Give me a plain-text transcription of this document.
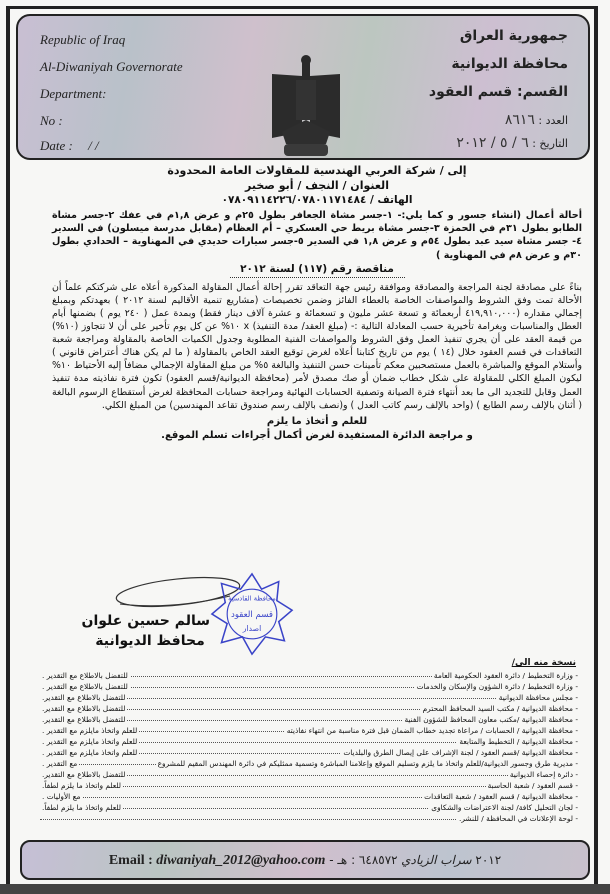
Republic of Iraq
Al-Diwaniyah Governorate
Department:
No :
Date : / /
جمهورية العراق
محافظة الديوانية
القسم: قسم العقود
العدد : ٨٦١٦
التاريخ : ٦ / ٥ / ٢٠١٢
إلى / شركة العربي الهندسية للمقاولات العامة المحدودة
العنوان / النجف / أبو صخير
الهاتف / ٠٧٨٠٩١١٤٢٢٦/٠٧٨٠١١٧١٤٨٤
أحالة أعمال (انشاء جسور و كما يلي:- ١-جسر مشاة الجعافر بطول ٢٥م و عرض ١,٨م في عفك ٢-جسر مشاة الطابو بطول ٣١م في الحمزة ٣-جسر مشاة بريط حي العسكري – أم العظام (مقابل مدرسة ميسلون) في السدير ٤- جسر مشاة سيد عبد بطول ٥٤م و عرض ١,٨ في السدير ٥-جسر سيارات حديدي في المهناوية – الحدادي بطول ٣٠م و عرض ٨م في المهناوية )
مناقصة رقم (١١٧) لسنة ٢٠١٢
بناءً على مصادقة لجنة المراجعة والمصادقة وموافقة رئيس جهة التعاقد تقرر إحالة أعمال المقاولة المذكورة أعلاه على شركتكم علماً أن الأحالة تمت وفق الشروط والمواصفات الخاصة بالعطاء الفائز وضمن تخصيصات (مشاريع تنمية الأقاليم لسنة ٢٠١٢ ) بعهدتكم وبمبلغ إجمالي مقداره (٤١٩,٩١٠,٠٠٠ أربعمائة و تسعة عشر مليون و تسعمائة و عشرة آلاف دينار فقط) وبمدة عمل ( ٢٤٠ يوم ) بضمنها أيام العطل والمناسبات وبغرامة تأخيرية حسب المعادلة التالية :- (مبلغ العقد/ مدة التنفيذ) x ١٠% عن كل يوم تأخير على أن لا تتجاوز (١٠%) من قيمة العقد على أن يجري تنفيذ العمل وفق الشروط والمواصفات الفنية المطلوبة وجدول الكميات الخاصة بالمقاولة ومراجعة شعبة التعاقدات في قسم العقود خلال (١٤ ) يوم من تاريخ كتابنا أعلاه لغرض توقيع العقد الخاص بالمقاولة ( ما لم يكن هناك أعتراض قانوني ) وأستلام الموقع والمباشرة بالعمل مستصحبين معكم تأمينات حسن التنفيذ والبالغة ٥% من مبلغ المقاولة الإجمالي مضافاً إليه الأحتياط ١٠% ليكون المبلغ الكلي للمقاولة على شكل خطاب ضمان أو صك مصدق لأمر (محافظة الديوانية/قسم العقود) تكون فترة نفاذيته مدة تنفيذ العمل وقابل للتجديد الى ما بعد أنتهاء فترة الصيانة وتصفية الحسابات النهائية ومراجعة حسابات المحافظة لغرض أستقطاع الرسوم البالغة ( أثنان بالإلف رسم الطابع ) (واحد بالإلف رسم كاتب العدل ) و(نصف بالإلف رسم صندوق تقاعد المهندسين) من المبلغ الكلي.
للعلم و أتخاذ ما يلزم
و مراجعة الدائرة المستفيدة لغرض أكمال أجراءات تسلم الموقع.
سالم حسين علوان
محافظ الديوانية
محافظة القادسية
قسم العقود
اصدار
نسخة منه الى/
- وزارة التخطيط / دائرة العقود الحكومية العامة
للتفضل بالاطلاع مع التقدير .
- وزارة التخطيط / دائرة الشؤون والإسكان والخدمات
للتفضل بالاطلاع مع التقدير .
- مجلس محافظة الديوانية
للتفضل بالاطلاع مع التقدير.
- محافظة الديوانية / مكتب السيد المحافظ المحترم
للتفضل بالاطلاع مع التقدير.
- محافظة الديوانية /مكتب معاون المحافظ للشؤون الفنية
للتفضل بالاطلاع مع التقدير.
- محافظة الديوانية / الحسابات / مراعاة تجديد خطاب الضمان قبل فترة مناسبة من انتهاء نفاذيته
للعلم واتخاذ مايلزم مع التقدير .
- محافظة الديوانية / التخطيط والمتابعة
للعلم واتخاذ مايلزم مع التقدير .
- محافظة الديوانية /قسم العقود / لجنة الإشراف على إيصال الطرق والبلديات
للعلم واتخاذ مايلزم مع التقدير .
- مديرية طرق وجسور الديوانية/للعلم واتخاذ ما يلزم وتسليم الموقع وإعلامنا المباشرة وتسمية ممثليكم في دائرة المهندس المقيم للمشروع
مع التقدير .
- دائرة إحصاء الديوانية
للتفضل بالاطلاع مع التقدير.
- قسم العقود / شعبة الحاسبة
للعلم واتخاذ ما يلزم لطفاً.
- محافظة الديوانية / قسم العقود / شعبة التعاقدات
مع الأوليات .
- لجان التحليل كافة/ لجنة الاعتراضات والشكاوى
للعلم واتخاذ ما يلزم لطفاً.
- لوحة الإعلانات في المحافظة / للنشر.
Email : diwaniyah_2012@yahoo.com - ٢٠١٢ سراب الزيادي ٦٤٨٥٧٢ : هـ
